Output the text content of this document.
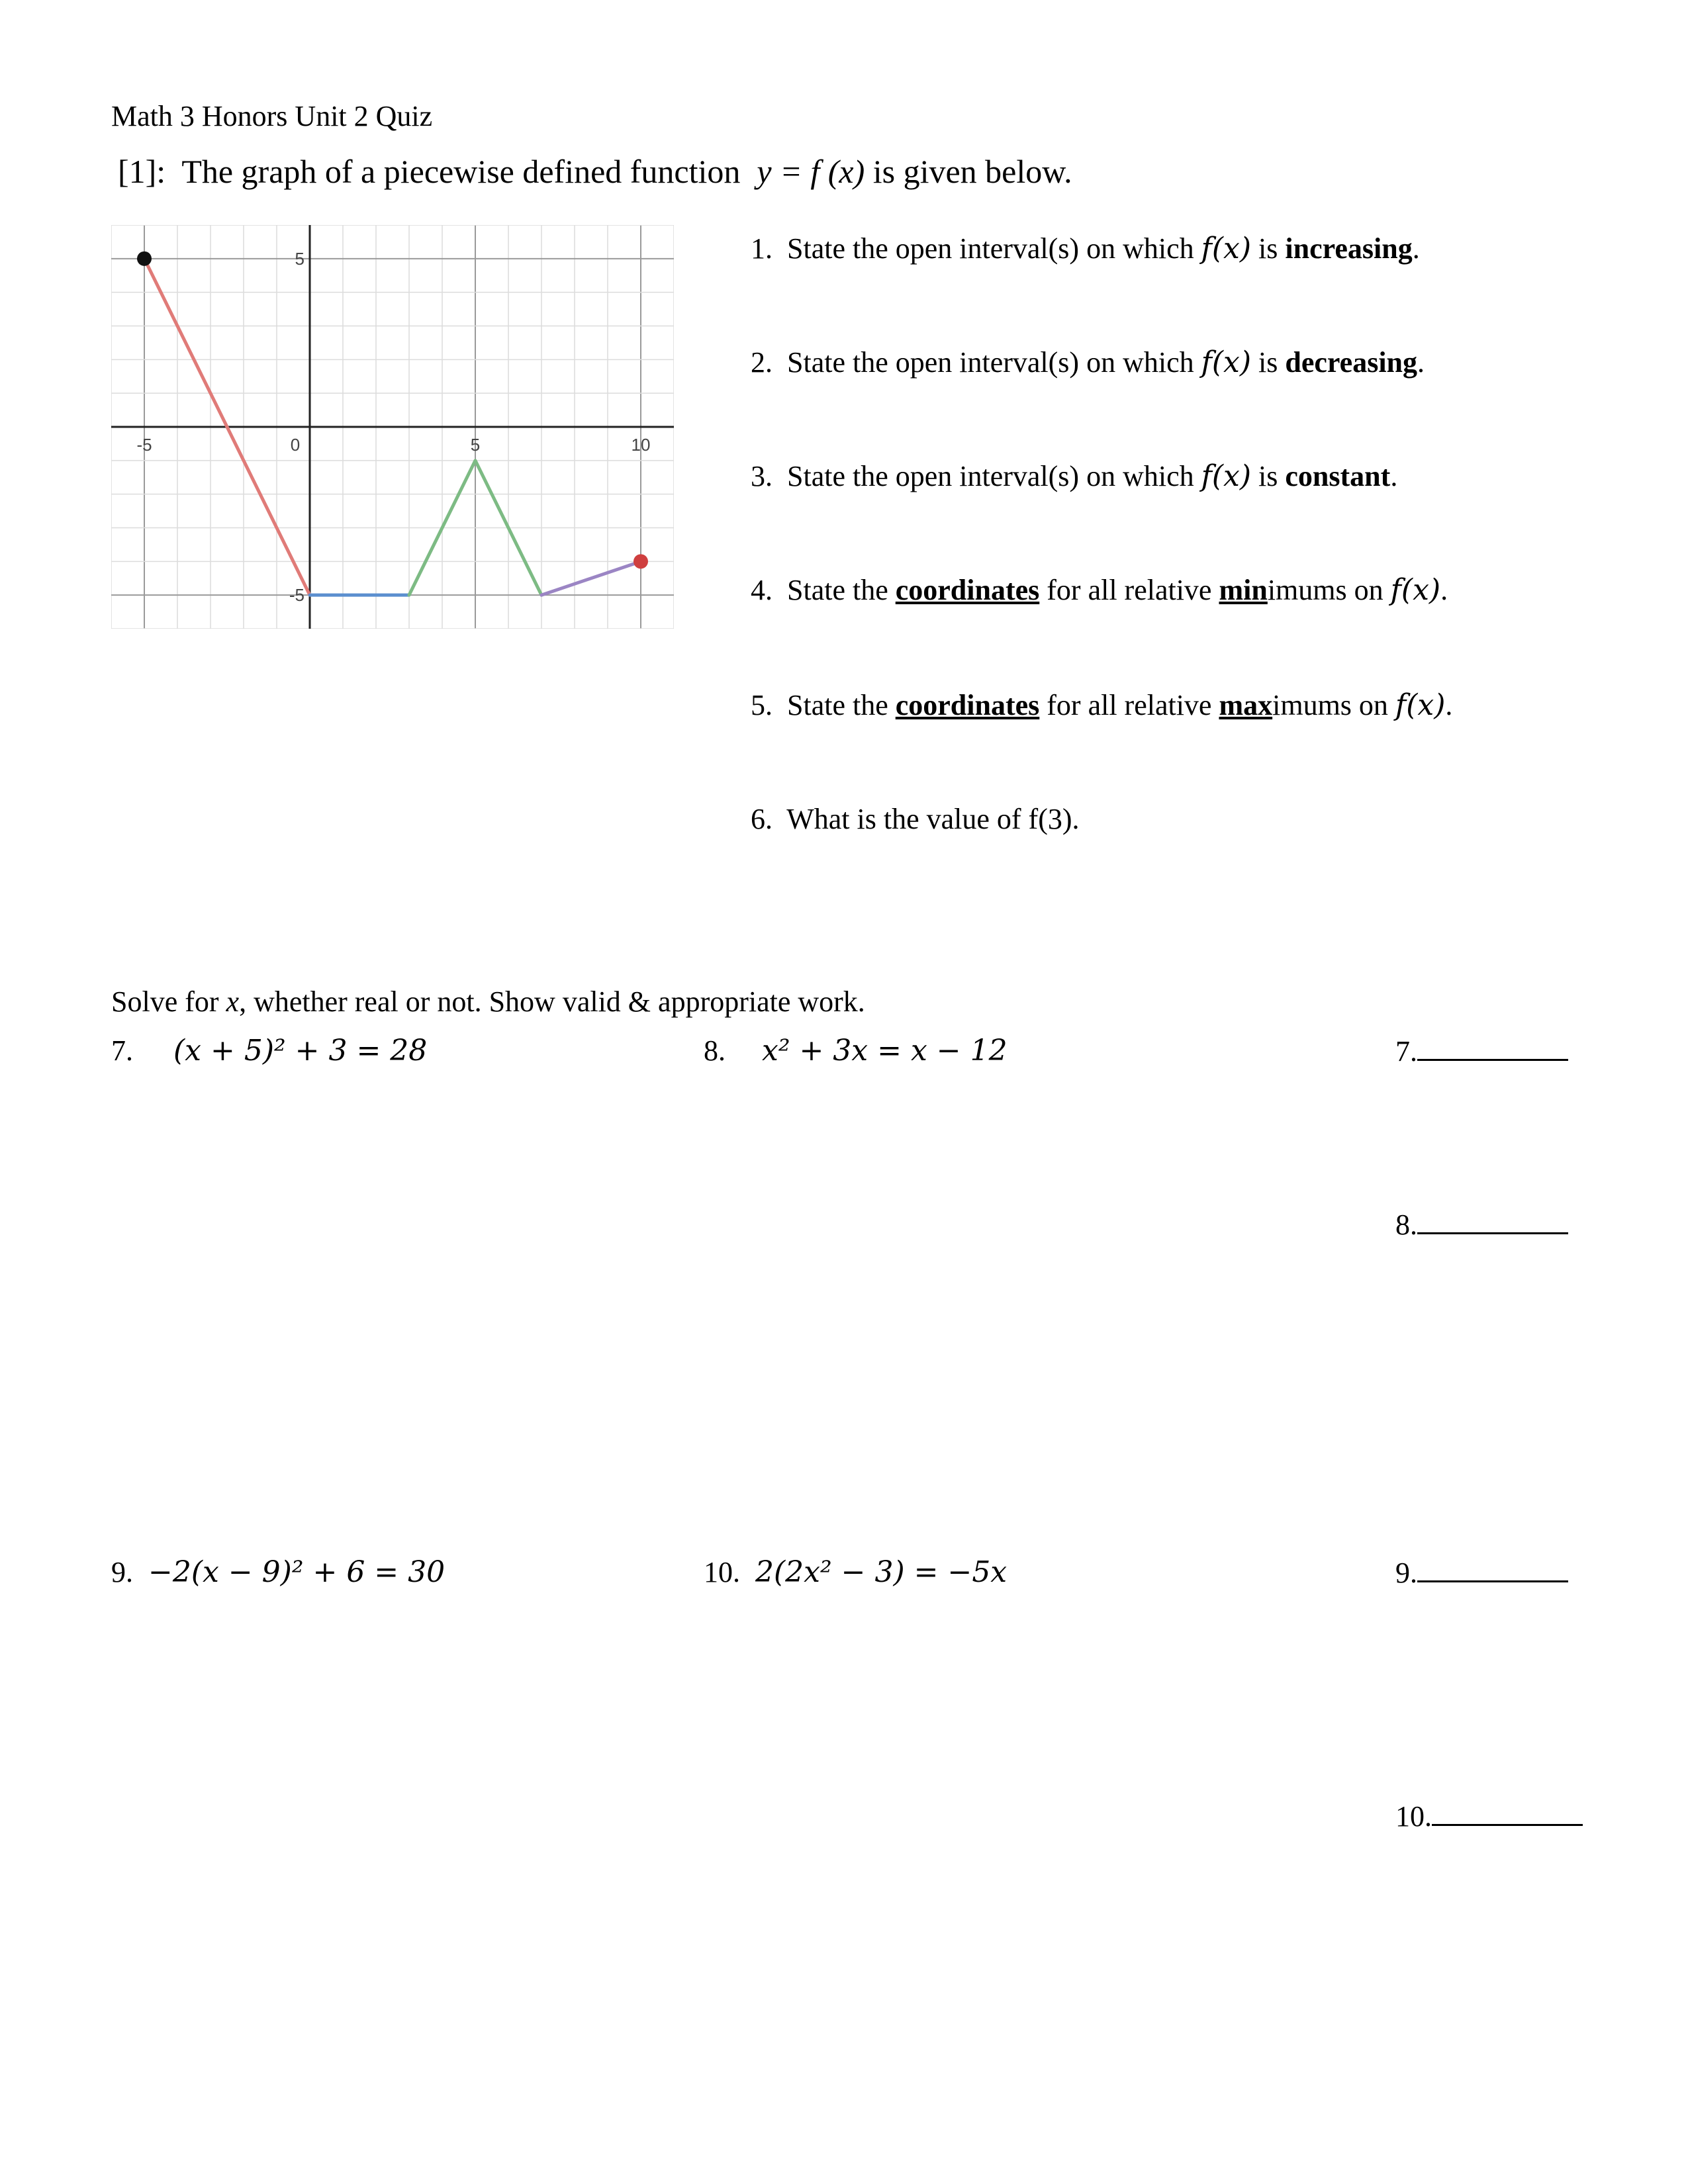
Math 3 Honors Unit 2 Quiz
[1]: The graph of a piecewise defined function y = f (x) is given below.
-5	0	5	10
5
-5
1. State the open interval(s) on which f(x) is increasing.
2. State the open interval(s) on which f(x) is decreasing.
3. State the open interval(s) on which f(x) is constant.
4. State the coordinates for all relative minimums on f(x).
5. State the coordinates for all relative maximums on f(x).
6. What is the value of f(3).
Solve for x, whether real or not. Show valid & appropriate work.
7. (x + 5)² + 3 = 28	8. x² + 3x = x − 12
9. −2(x − 9)² + 6 = 30	10. 2(2x² − 3) = −5x
7.
8.
9.
10.
